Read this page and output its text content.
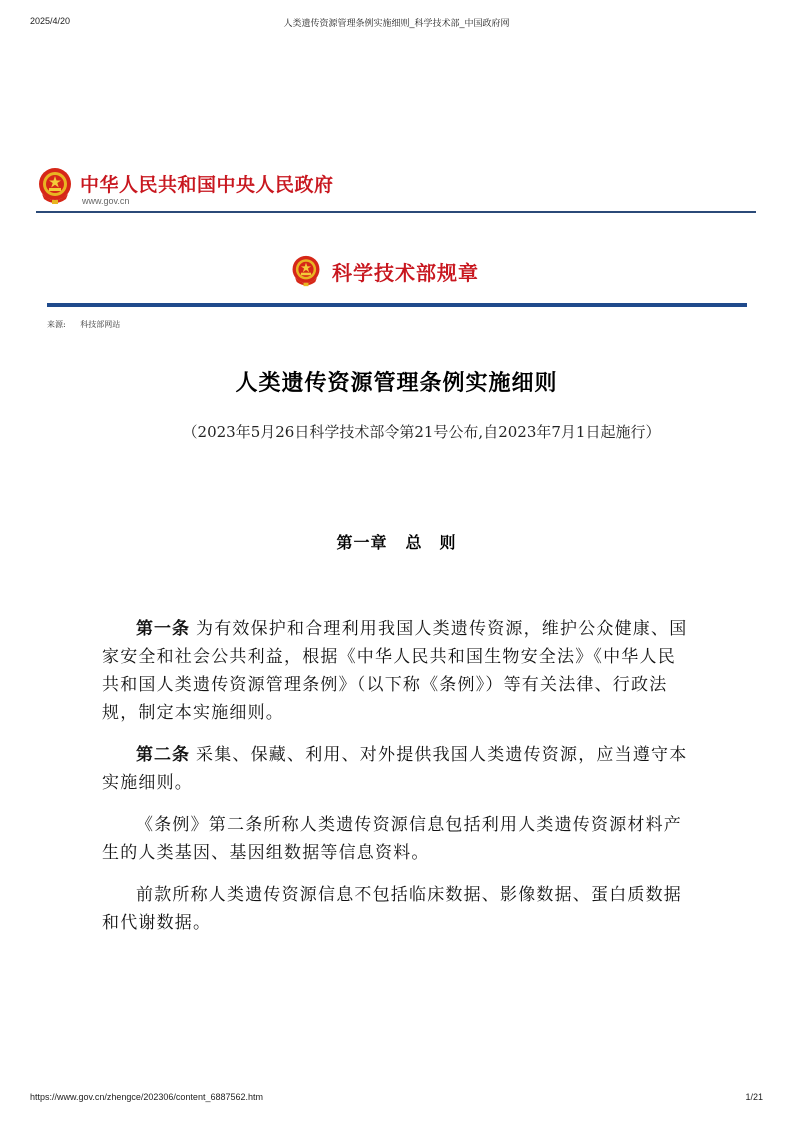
2025/4/20	人类遗传资源管理条例实施细则_科学技术部_中国政府网
中华人民共和国中央人民政府
www.gov.cn
科学技术部规章
来源: 科技部网站
人类遗传资源管理条例实施细则
（2023年5月26日科学技术部令第21号公布,自2023年7月1日起施行）
第一章 总　则

第一条 为有效保护和合理利用我国人类遗传资源，维护公众健康、国家安全和社会公共利益，根据《中华人民共和国生物安全法》《中华人民共和国人类遗传资源管理条例》（以下称《条例》）等有关法律、行政法规，制定本实施细则。

第二条 采集、保藏、利用、对外提供我国人类遗传资源，应当遵守本实施细则。

《条例》第二条所称人类遗传资源信息包括利用人类遗传资源材料产生的人类基因、基因组数据等信息资料。

前款所称人类遗传资源信息不包括临床数据、影像数据、蛋白质数据和代谢数据。

https://www.gov.cn/zhengce/202306/content_6887562.htm	1/21
